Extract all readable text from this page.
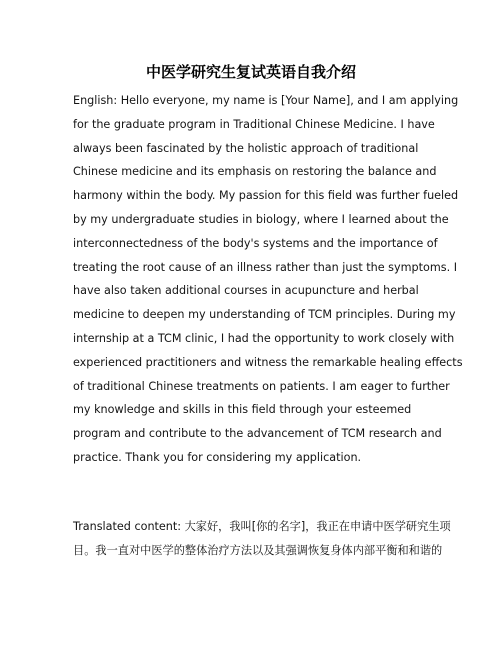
中医学研究生复试英语自我介绍
English: Hello everyone, my name is [Your Name], and I am applying
for the graduate program in Traditional Chinese Medicine. I have
always been fascinated by the holistic approach of traditional
Chinese medicine and its emphasis on restoring the balance and
harmony within the body. My passion for this field was further fueled
by my undergraduate studies in biology, where I learned about the
interconnectedness of the body's systems and the importance of
treating the root cause of an illness rather than just the symptoms. I
have also taken additional courses in acupuncture and herbal
medicine to deepen my understanding of TCM principles. During my
internship at a TCM clinic, I had the opportunity to work closely with
experienced practitioners and witness the remarkable healing effects
of traditional Chinese treatments on patients. I am eager to further
my knowledge and skills in this field through your esteemed
program and contribute to the advancement of TCM research and
practice. Thank you for considering my application.
Translated content: 大家好，我叫[你的名字]，我正在申请中医学研究生项
目。我一直对中医学的整体治疗方法以及其强调恢复身体内部平衡和和谐的
